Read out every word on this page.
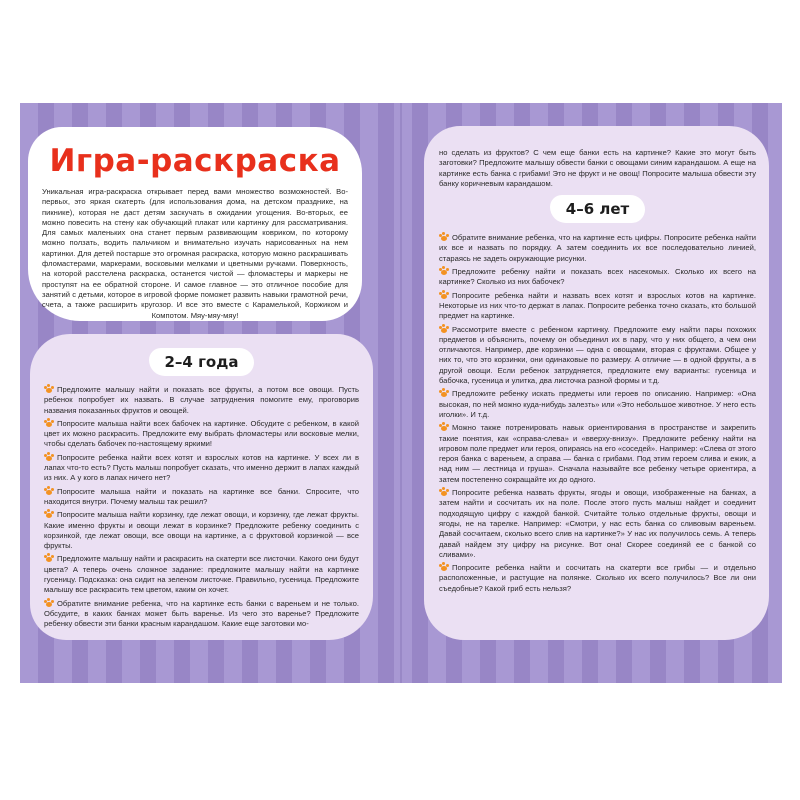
Игра-раскраска

Уникальная игра-раскраска открывает перед вами множество возможностей. Во-первых, это яркая скатерть (для использования дома, на детском празднике, на пикнике), которая не даст детям заскучать в ожидании угощения. Во-вторых, ее можно повесить на стену как обучающий плакат или картинку для рассматривания. Для самых маленьких она станет первым развивающим ковриком, по которому можно ползать, водить пальчиком и внимательно изучать нарисованных на нем картинки. Для детей постарше это огромная раскраска, которую можно раскрашивать фломастерами, маркерами, восковыми мелками и цветными ручками. Поверхность, на которой расстелена раскраска, останется чистой — фломастеры и маркеры не проступят на ее обратной стороне. И самое главное — это отличное пособие для занятий с детьми, которое в игровой форме поможет развить навыки грамотной речи, счета, а также расширить кругозор. И все это вместе с Карамелькой, Коржиком и Компотом. Мяу-мяу-мяу!

2–4 года

Предложите малышу найти и показать все фрукты, а потом все овощи. Пусть ребенок попробует их назвать. В случае затруднения помогите ему, проговорив названия показанных фруктов и овощей.

Попросите малыша найти всех бабочек на картинке. Обсудите с ребенком, в какой цвет их можно раскрасить. Предложите ему выбрать фломастеры или восковые мелки, чтобы сделать бабочек по-настоящему яркими!

Попросите ребенка найти всех котят и взрослых котов на картинке. У всех ли в лапах что-то есть? Пусть малыш попробует сказать, что именно держит в лапах каждый из них. А у кого в лапах ничего нет?

Попросите малыша найти и показать на картинке все банки. Спросите, что находится внутри. Почему малыш так решил?

Попросите малыша найти корзинку, где лежат овощи, и корзинку, где лежат фрукты. Какие именно фрукты и овощи лежат в корзинке? Предложите ребенку соединить с корзинкой, где лежат овощи, все овощи на картинке, а с фруктовой корзинкой — все фрукты.

Предложите малышу найти и раскрасить на скатерти все листочки. Какого они будут цвета? А теперь очень сложное задание: предложите малышу найти на картинке гусеницу. Подсказка: она сидит на зеленом листочке. Правильно, гусеница. Предложите малышу все раскрасить тем цветом, каким он хочет.

Обратите внимание ребенка, что на картинке есть банки с вареньем и не только. Обсудите, в каких банках может быть варенье. Из чего это варенье? Предложите ребенку обвести эти банки красным карандашом. Какие еще заготовки мо-

но сделать из фруктов? С чем еще банки есть на картинке? Какие это могут быть заготовки? Предложите малышу обвести банки с овощами синим карандашом. А еще на картинке есть банка с грибами! Это не фрукт и не овощ! Попросите малыша обвести эту банку коричневым карандашом.

4–6 лет

Обратите внимание ребенка, что на картинке есть цифры. Попросите ребенка найти их все и назвать по порядку. А затем соединить их все последовательно линией, стараясь не задеть окружающие рисунки.

Предложите ребенку найти и показать всех насекомых. Сколько их всего на картинке? Сколько из них бабочек?

Попросите ребенка найти и назвать всех котят и взрослых котов на картинке. Некоторые из них что-то держат в лапах. Попросите ребенка точно сказать, кто большой предмет на картинке.

Рассмотрите вместе с ребенком картинку. Предложите ему найти пары похожих предметов и объяснить, почему он объединил их в пару, что у них общего, а чем они отличаются. Например, две корзинки — одна с овощами, вторая с фруктами. Общее у них то, что это корзинки, они одинаковые по размеру. А отличие — в одной фрукты, а в другой овощи. Если ребенок затрудняется, предложите ему варианты: гусеница и бабочка, гусеница и улитка, два листочка разной формы и т.д.

Предложите ребенку искать предметы или героев по описанию. Например: «Она высокая, по ней можно куда-нибудь залезть» или «Это небольшое животное. У него есть иголки». И т.д.

Можно также потренировать навык ориентирования в пространстве и закрепить такие понятия, как «справа-слева» и «вверху-внизу». Предложите ребенку найти на игровом поле предмет или героя, опираясь на его «соседей». Например: «Слева от этого героя банка с вареньем, а справа — банка с грибами. Под этим героем слива и ежик, а над ним — лестница и груша». Сначала называйте все ребенку четыре ориентира, а затем постепенно сокращайте их до одного.

Попросите ребенка назвать фрукты, ягоды и овощи, изображенные на банках, а затем найти и сосчитать их на поле. После этого пусть малыш найдет и соединит подходящую цифру с каждой банкой. Считайте только отдельные фрукты, овощи и ягоды, не на тарелке. Например: «Смотри, у нас есть банка со сливовым вареньем. Давай сосчитаем, сколько всего слив на картинке?» У нас их получилось семь. А теперь давай найдем эту цифру на рисунке. Вот она! Скорее соединяй ее с банкой со сливами».

Попросите ребенка найти и сосчитать на скатерти все грибы — и отдельно расположенные, и растущие на полянке. Сколько их всего получилось? Все ли они съедобные? Какой гриб есть нельзя?
